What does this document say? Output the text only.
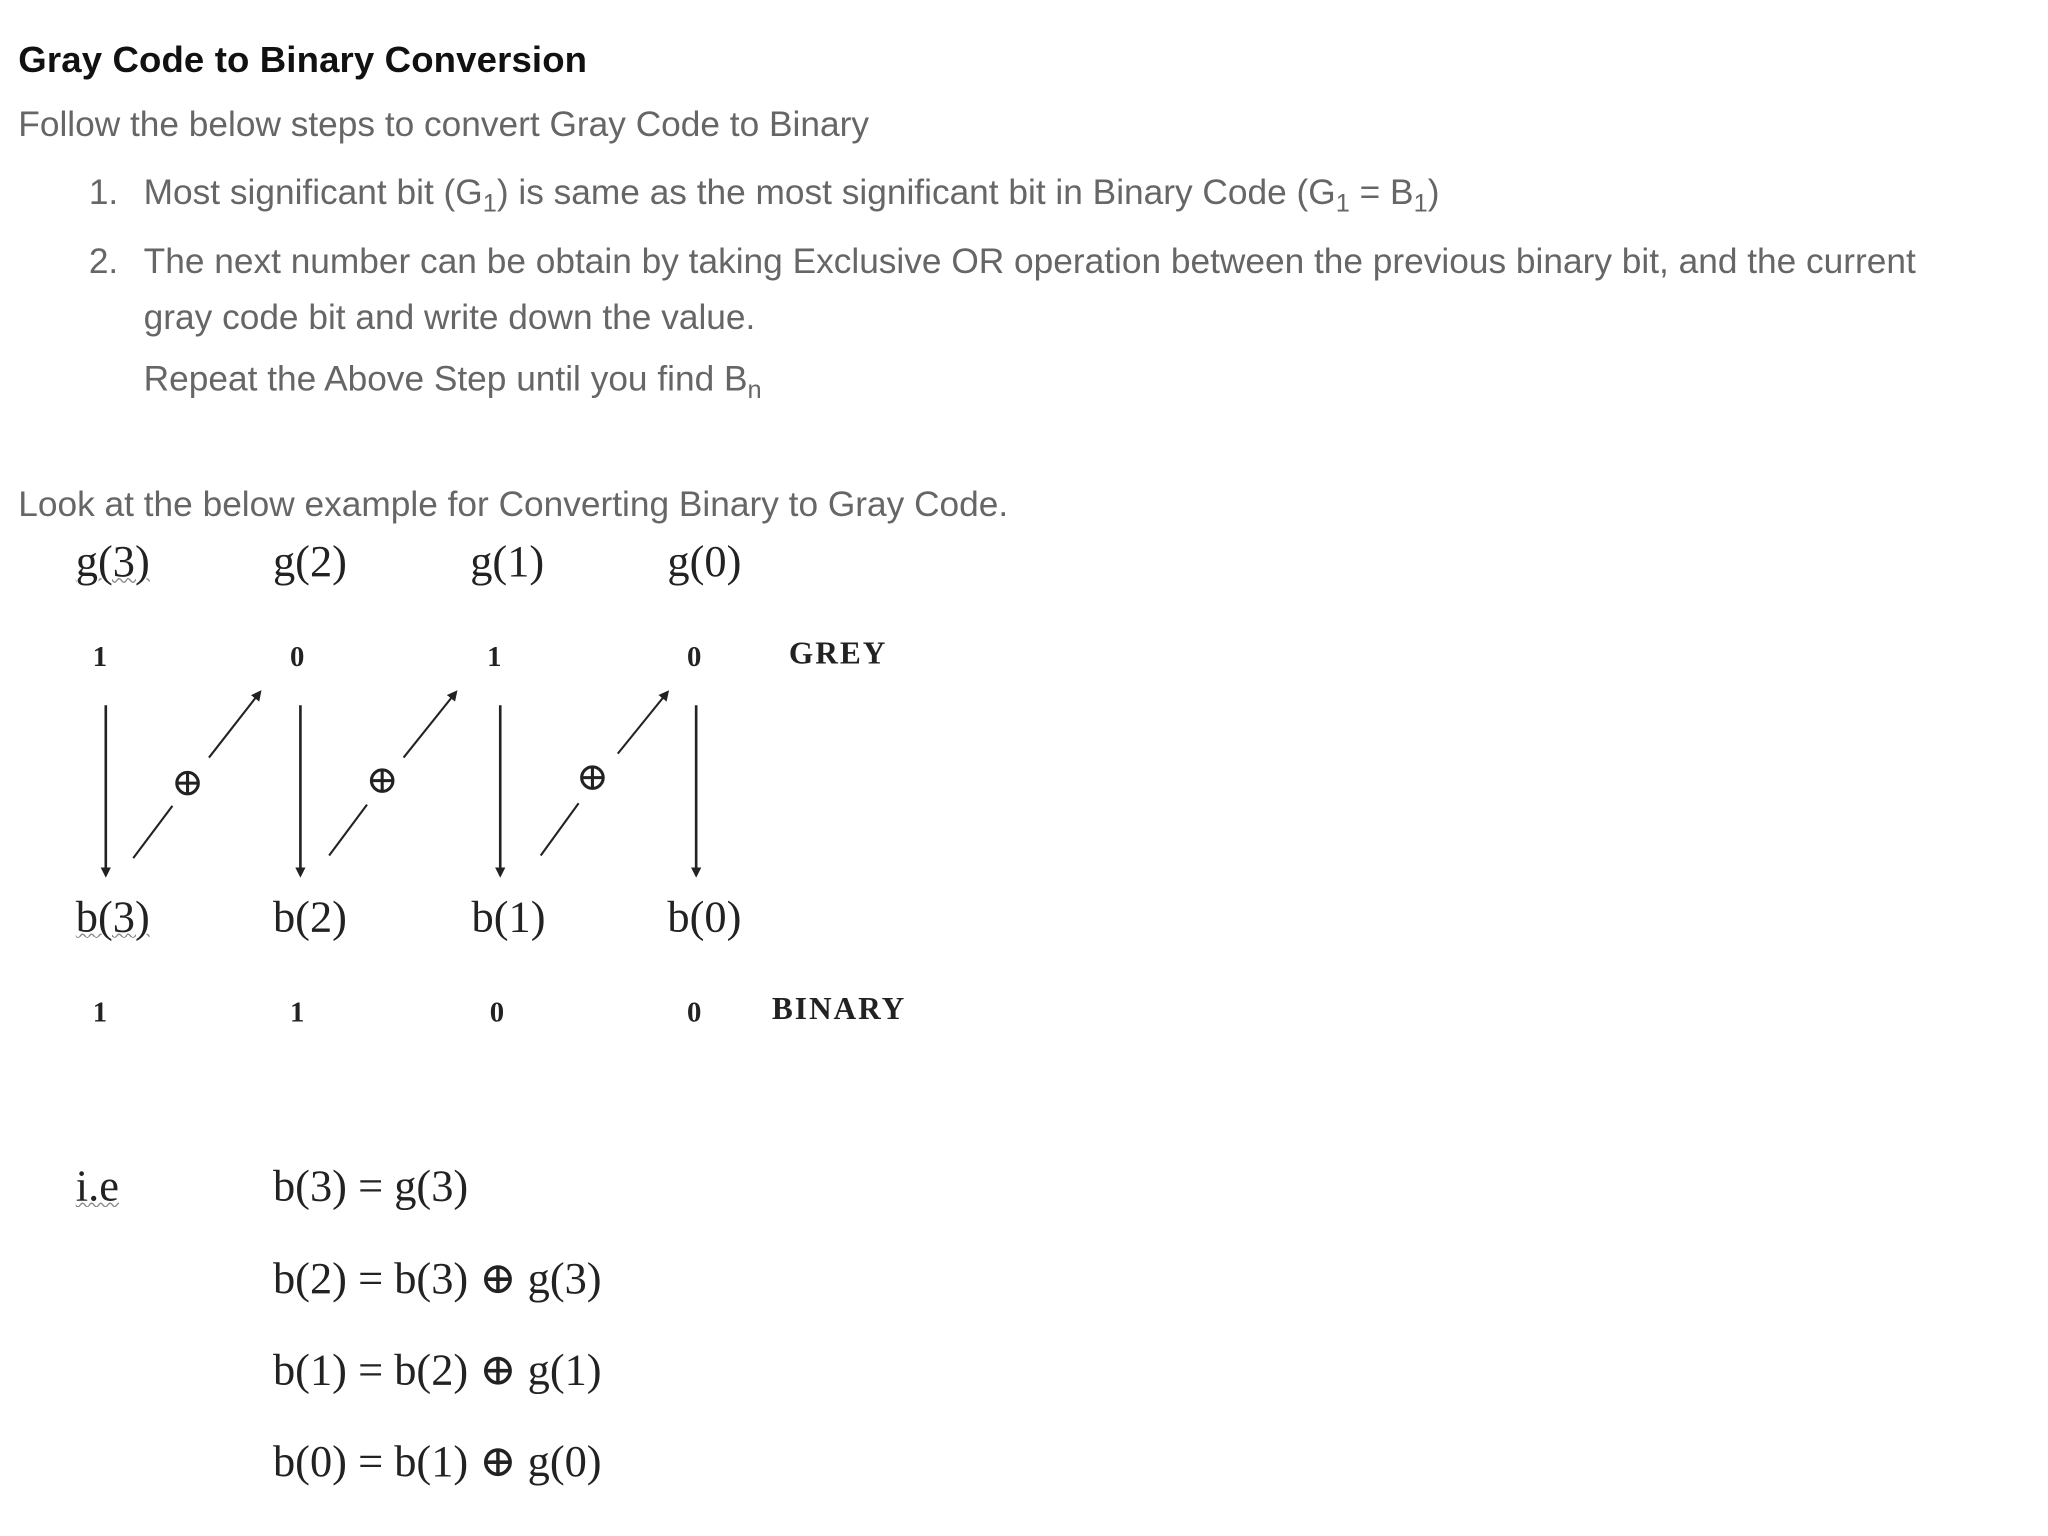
Gray Code to Binary Conversion
Follow the below steps to convert Gray Code to Binary
1. Most significant bit $(G_1)$ is same as the most significant bit in Binary Code $(G_1 = B_1)$
2. The next number can be obtain by taking Exclusive OR operation between the previous binary bit, and the current
gray code bit and write down the value.
Repeat the Above Step until you find $B_n$
Look at the below example for Converting Binary to Gray Code.
g(3)	g(2)	g(1)	g(0)
1	0	1	0	GREY
⊕	⊕	⊕
b(3)	b(2)	b(1)	b(0)
1	1	0	0	BINARY
i.e	b(3) = g(3)
b(2) = b(3) ⊕ g(3)
b(1) = b(2) ⊕ g(1)
b(0) = b(1) ⊕ g(0)
